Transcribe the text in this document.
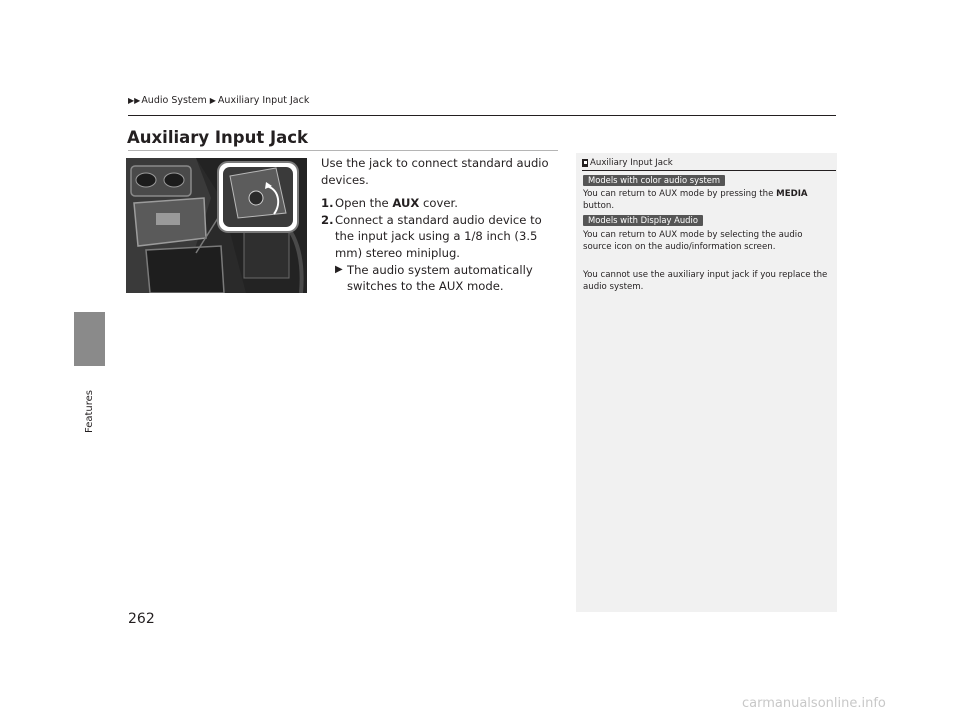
Features
▶▶ Audio System ▶ Auxiliary Input Jack
Auxiliary Input Jack

Use the jack to connect standard audio devices.

1. Open the AUX cover.

2. Connect a standard audio device to the input jack using a 1/8 inch (3.5 mm) stereo miniplug.

▶ The audio system automatically switches to the AUX mode.

Auxiliary Input Jack
Models with color audio system
You can return to AUX mode by pressing the MEDIA button.
Models with Display Audio
You can return to AUX mode by selecting the audio source icon on the audio/information screen.
You cannot use the auxiliary input jack if you replace the audio system.
262
carmanualsonline.info
